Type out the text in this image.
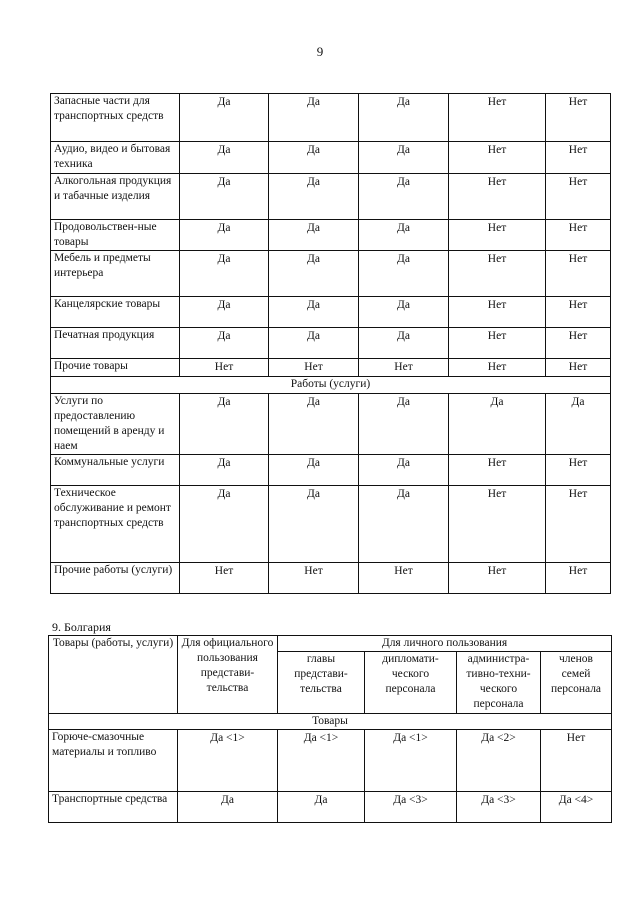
9
Запасные части для транспортных средств	Да	Да	Да	Нет	Нет
Аудио, видео и бытовая техника	Да	Да	Да	Нет	Нет
Алкогольная продукция и табачные изделия	Да	Да	Да	Нет	Нет
Продовольствен-ные товары	Да	Да	Да	Нет	Нет
Мебель и предметы интерьера	Да	Да	Да	Нет	Нет
Канцелярские товары	Да	Да	Да	Нет	Нет
Печатная продукция	Да	Да	Да	Нет	Нет
Прочие товары	Нет	Нет	Нет	Нет	Нет
Работы (услуги)					
Услуги по предоставлению помещений в аренду и наем	Да	Да	Да	Да	Да
Коммунальные услуги	Да	Да	Да	Нет	Нет
Техническое обслуживание и ремонт транспортных средств	Да	Да	Да	Нет	Нет
Прочие работы (услуги)	Нет	Нет	Нет	Нет	Нет
9. Болгария
Товары (работы, услуги)	Для официального пользования представи-тельства	Для личного пользования			
		главы представи-тельства	дипломати-ческого персонала	администра-тивно-техни-ческого персонала	членов семей персонала
Товары					
Горюче-смазочные материалы и топливо	Да <1>	Да <1>	Да <1>	Да <2>	Нет
Транспортные средства	Да	Да	Да <3>	Да <3>	Да <4>
